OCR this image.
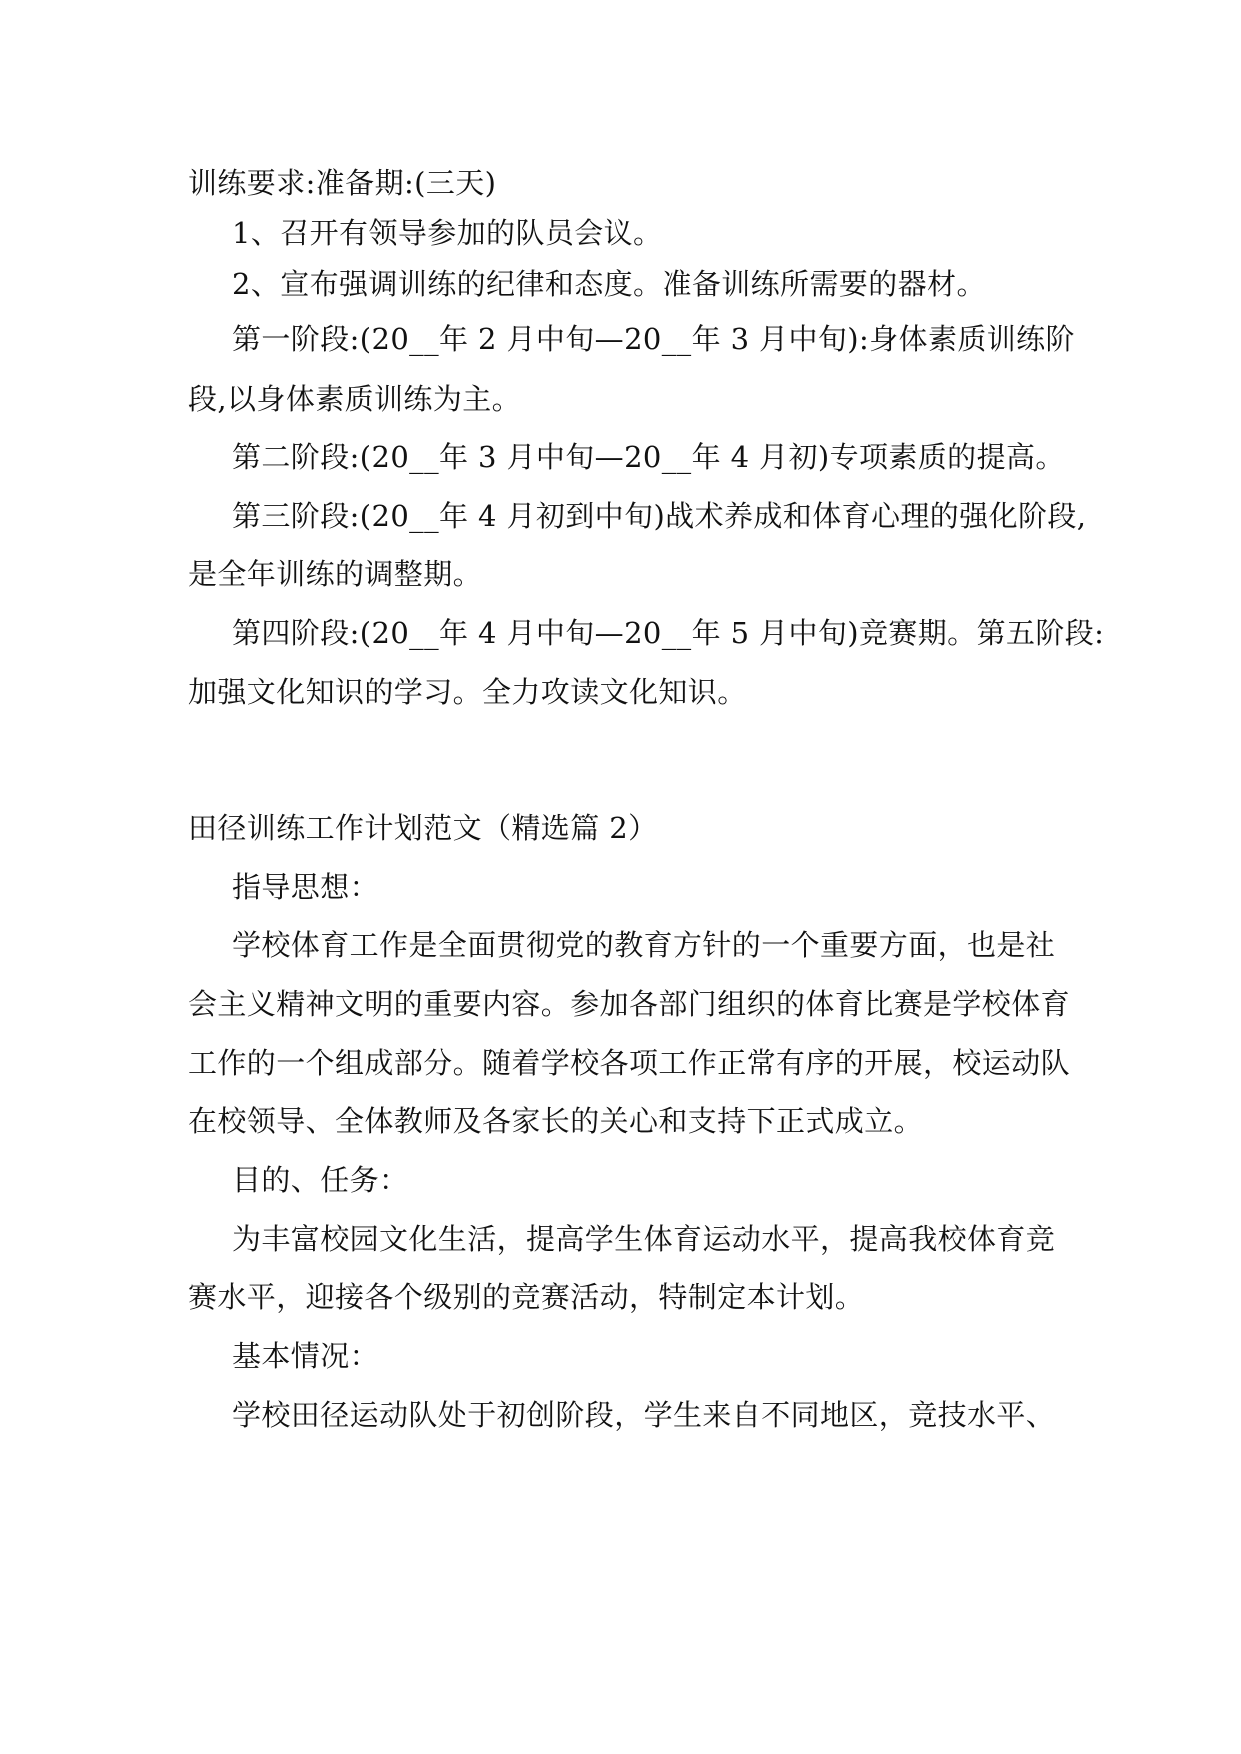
训练要求:准备期:(三天)
1、召开有领导参加的队员会议。
2、宣布强调训练的纪律和态度。准备训练所需要的器材。
第一阶段:(20__年 2 月中旬—20__年 3 月中旬):身体素质训练阶
段,以身体素质训练为主。
第二阶段:(20__年 3 月中旬—20__年 4 月初)专项素质的提高。
第三阶段:(20__年 4 月初到中旬)战术养成和体育心理的强化阶段,
是全年训练的调整期。
第四阶段:(20__年 4 月中旬—20__年 5 月中旬)竞赛期。第五阶段:
加强文化知识的学习。全力攻读文化知识。
田径训练工作计划范文（精选篇 2）
指导思想：
学校体育工作是全面贯彻党的教育方针的一个重要方面，也是社
会主义精神文明的重要内容。参加各部门组织的体育比赛是学校体育
工作的一个组成部分。随着学校各项工作正常有序的开展，校运动队
在校领导、全体教师及各家长的关心和支持下正式成立。
目的、任务：
为丰富校园文化生活，提高学生体育运动水平，提高我校体育竞
赛水平，迎接各个级别的竞赛活动，特制定本计划。
基本情况：
学校田径运动队处于初创阶段，学生来自不同地区，竞技水平、
